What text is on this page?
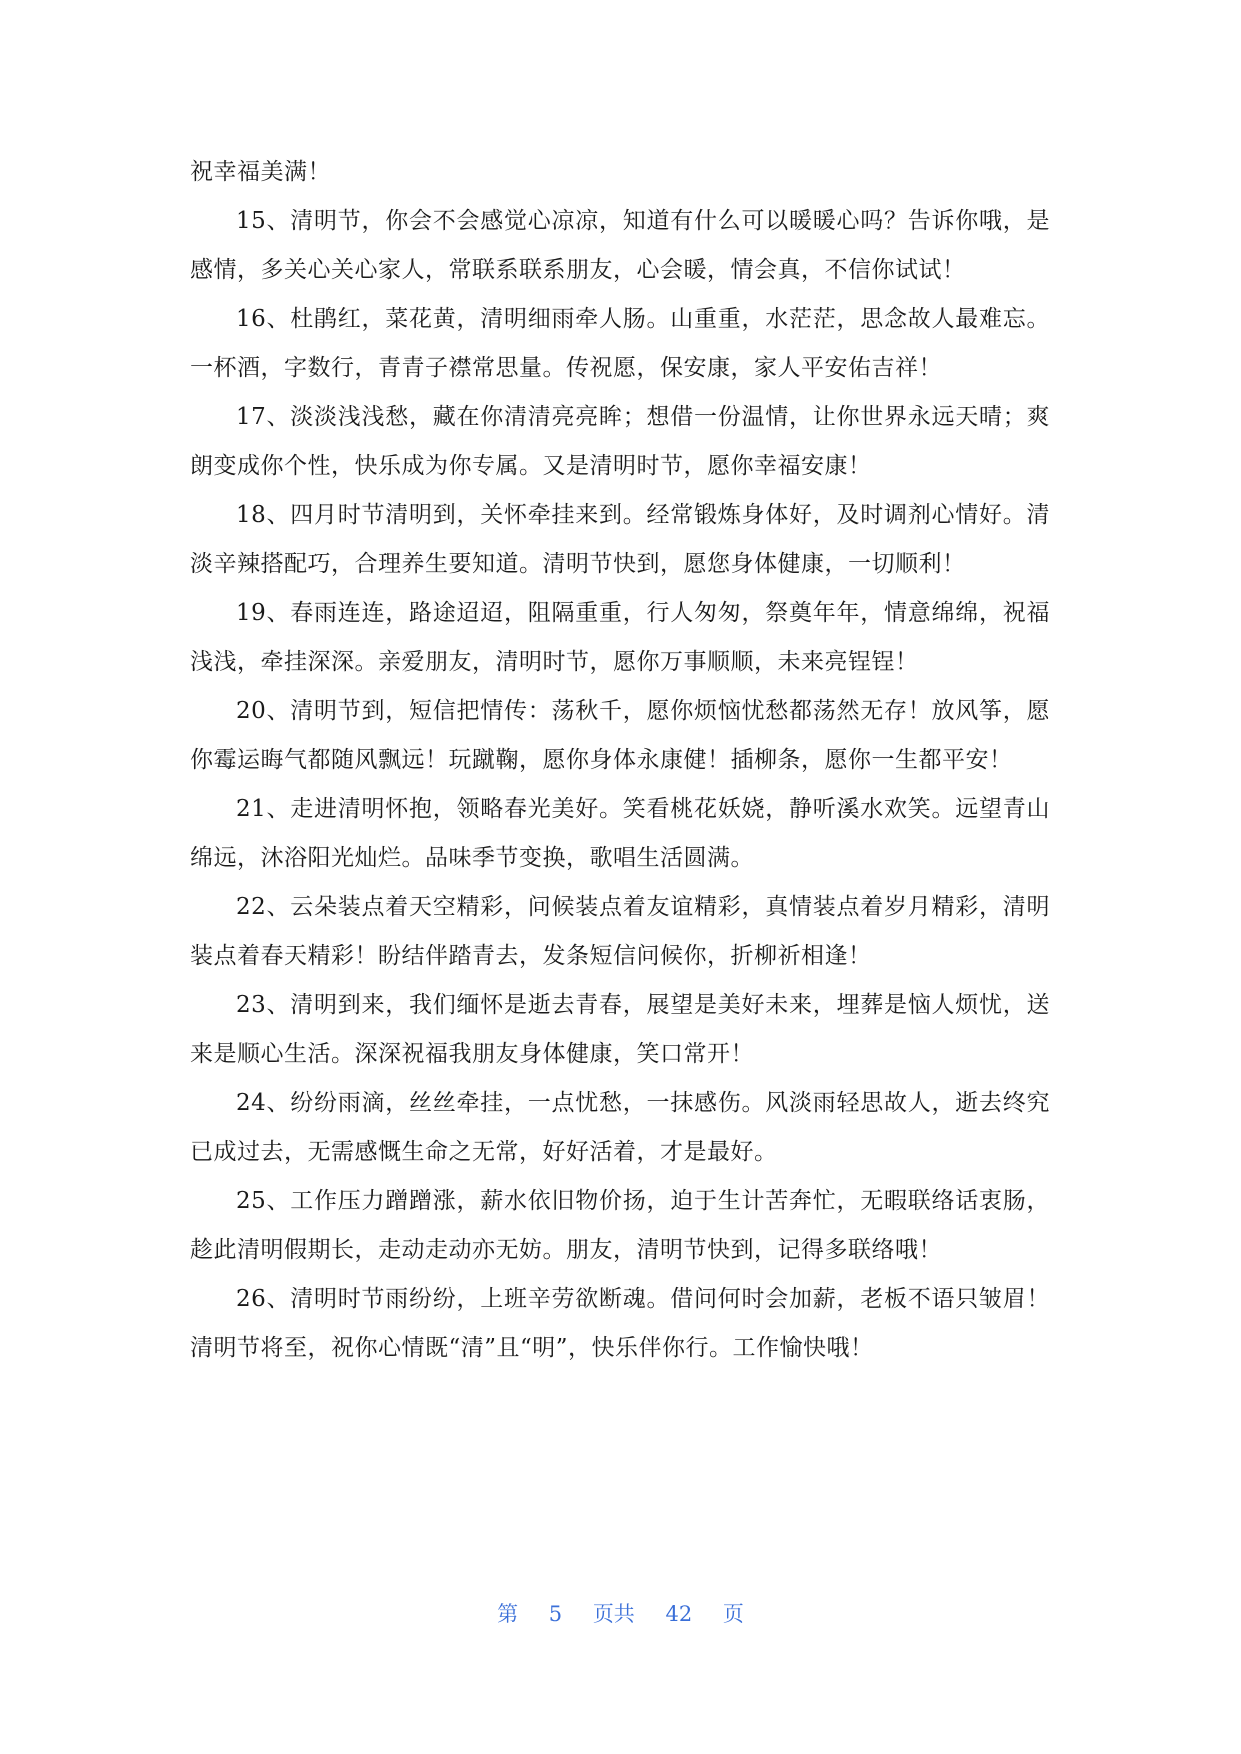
祝幸福美满！

15、清明节，你会不会感觉心凉凉，知道有什么可以暖暖心吗？告诉你哦，是感情，多关心关心家人，常联系联系朋友，心会暖，情会真，不信你试试！

16、杜鹃红，菜花黄，清明细雨牵人肠。山重重，水茫茫，思念故人最难忘。一杯酒，字数行，青青子襟常思量。传祝愿，保安康，家人平安佑吉祥！

17、淡淡浅浅愁，藏在你清清亮亮眸；想借一份温情，让你世界永远天晴；爽朗变成你个性，快乐成为你专属。又是清明时节，愿你幸福安康！

18、四月时节清明到，关怀牵挂来到。经常锻炼身体好，及时调剂心情好。清淡辛辣搭配巧，合理养生要知道。清明节快到，愿您身体健康，一切顺利！

19、春雨连连，路途迢迢，阻隔重重，行人匆匆，祭奠年年，情意绵绵，祝福浅浅，牵挂深深。亲爱朋友，清明时节，愿你万事顺顺，未来亮锃锃！

20、清明节到，短信把情传：荡秋千，愿你烦恼忧愁都荡然无存！放风筝，愿你霉运晦气都随风飘远！玩蹴鞠，愿你身体永康健！插柳条，愿你一生都平安！

21、走进清明怀抱，领略春光美好。笑看桃花妖娆，静听溪水欢笑。远望青山绵远，沐浴阳光灿烂。品味季节变换，歌唱生活圆满。

22、云朵装点着天空精彩，问候装点着友谊精彩，真情装点着岁月精彩，清明装点着春天精彩！盼结伴踏青去，发条短信问候你，折柳祈相逢！

23、清明到来，我们缅怀是逝去青春，展望是美好未来，埋葬是恼人烦忧，送来是顺心生活。深深祝福我朋友身体健康，笑口常开！

24、纷纷雨滴，丝丝牵挂，一点忧愁，一抹感伤。风淡雨轻思故人，逝去终究已成过去，无需感慨生命之无常，好好活着，才是最好。

25、工作压力蹭蹭涨，薪水依旧物价扬，迫于生计苦奔忙，无暇联络话衷肠，趁此清明假期长，走动走动亦无妨。朋友，清明节快到，记得多联络哦！

26、清明时节雨纷纷，上班辛劳欲断魂。借问何时会加薪，老板不语只皱眉！清明节将至，祝你心情既“清”且“明”，快乐伴你行。工作愉快哦！

第 5 页共 42 页
